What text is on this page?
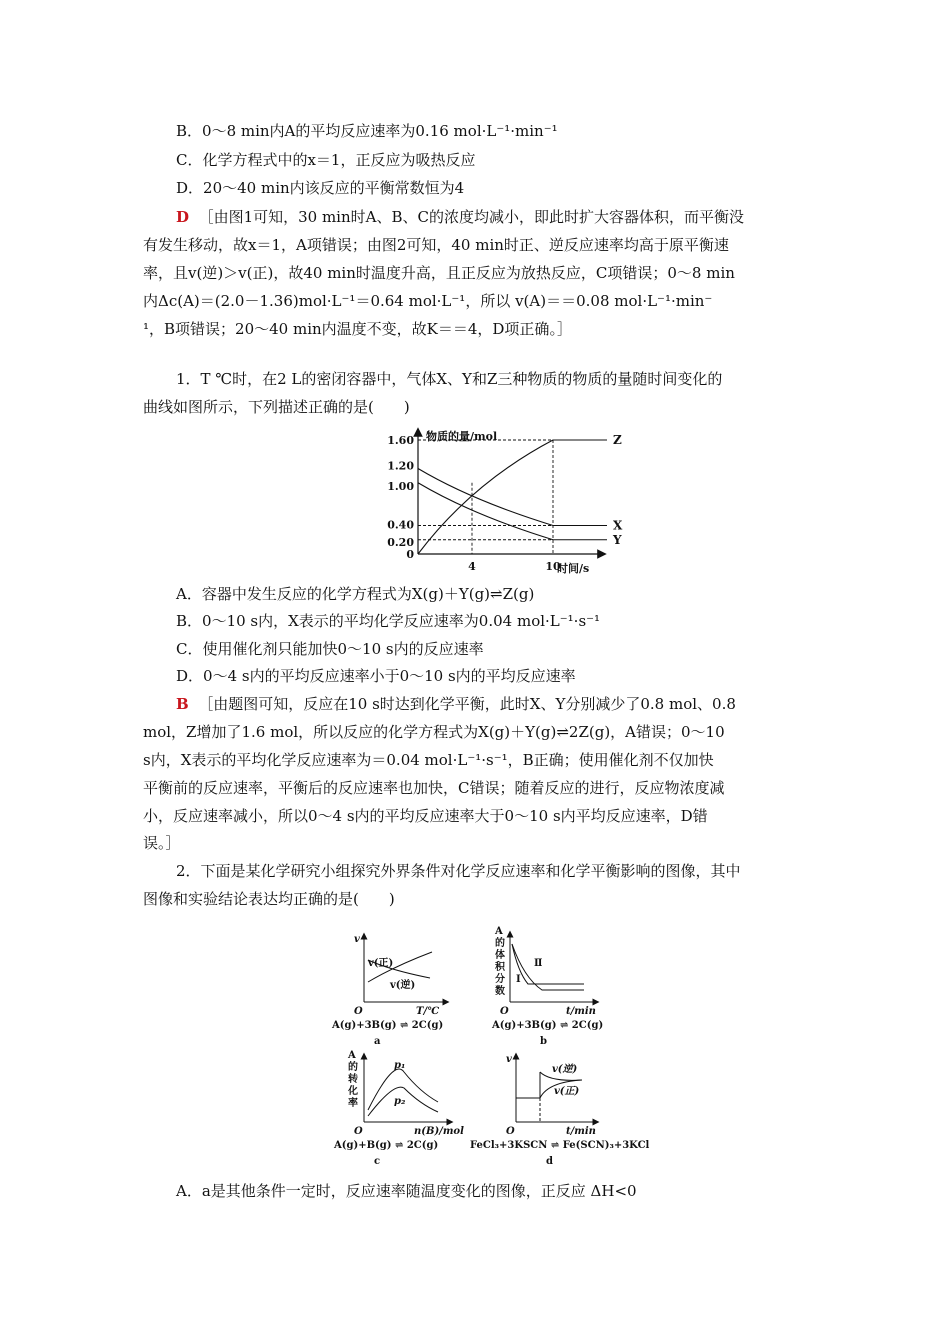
B．0～8 min内A的平均反应速率为0.16 mol·L⁻¹·min⁻¹
C．化学方程式中的x＝1，正反应为吸热反应
D．20～40 min内该反应的平衡常数恒为4
D ［由图1可知，30 min时A、B、C的浓度均减小，即此时扩大容器体积，而平衡没
有发生移动，故x＝1，A项错误；由图2可知，40 min时正、逆反应速率均高于原平衡速
率，且v(逆)＞v(正)，故40 min时温度升高，且正反应为放热反应，C项错误；0～8 min
内Δc(A)＝(2.0－1.36)mol·L⁻¹＝0.64 mol·L⁻¹，所以 v(A)＝＝0.08 mol·L⁻¹·min⁻
¹，B项错误；20～40 min内温度不变，故K＝＝4，D项正确。］
1．T ℃时，在2 L的密闭容器中，气体X、Y和Z三种物质的物质的量随时间变化的
曲线如图所示，下列描述正确的是(　　)
物质的量/mol
时间/s
1.60
1.20
1.00
0.40
0.20
0
4	10
Z
X
Y
A．容器中发生反应的化学方程式为X(g)＋Y(g)⇌Z(g)
B．0～10 s内，X表示的平均化学反应速率为0.04 mol·L⁻¹·s⁻¹
C．使用催化剂只能加快0～10 s内的反应速率
D．0～4 s内的平均反应速率小于0～10 s内的平均反应速率
B ［由题图可知，反应在10 s时达到化学平衡，此时X、Y分别减少了0.8 mol、0.8
mol，Z增加了1.6 mol，所以反应的化学方程式为X(g)＋Y(g)⇌2Z(g)，A错误；0～10
s内，X表示的平均化学反应速率为＝0.04 mol·L⁻¹·s⁻¹，B正确；使用催化剂不仅加快
平衡前的反应速率，平衡后的反应速率也加快，C错误；随着反应的进行，反应物浓度减
小，反应速率减小，所以0～4 s内的平均反应速率大于0～10 s内平均反应速率，D错
误。］
2．下面是某化学研究小组探究外界条件对化学反应速率和化学平衡影响的图像，其中
图像和实验结论表达均正确的是(　　)
v
O	T/℃
v(正)
v(逆)
A(g)+3B(g) ⇌ 2C(g)
a
A
的
体
积
分
数
O	t/min
Ⅱ
Ⅰ
A(g)+3B(g) ⇌ 2C(g)
b
A
的
转
化
率
O	n(B)/mol
p₁
p₂
A(g)+B(g) ⇌ 2C(g)
c
v
O	t/min
v(逆)
v(正)
FeCl₃+3KSCN ⇌ Fe(SCN)₃+3KCl
d
A．a是其他条件一定时，反应速率随温度变化的图像，正反应 ΔH<0
